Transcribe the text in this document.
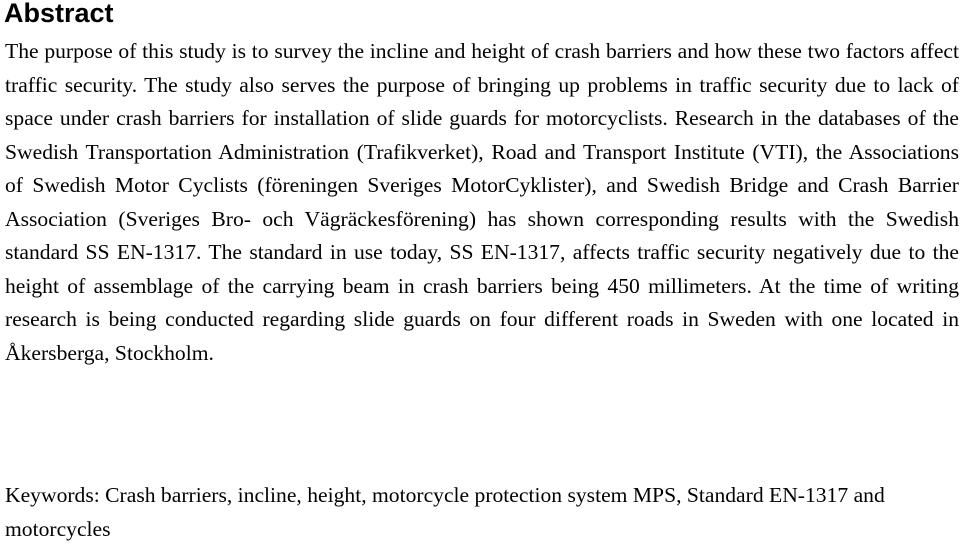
Abstract

The purpose of this study is to survey the incline and height of crash barriers and how these two factors affect traffic security. The study also serves the purpose of bringing up problems in traffic security due to lack of space under crash barriers for installation of slide guards for motorcyclists. Research in the databases of the Swedish Transportation Administration (Trafikverket), Road and Transport Institute (VTI), the Associations of Swedish Motor Cyclists (föreningen Sveriges MotorCyklister), and Swedish Bridge and Crash Barrier Association (Sveriges Bro- och Vägräckesförening) has shown corresponding results with the Swedish standard SS EN-1317. The standard in use today, SS EN-1317, affects traffic security negatively due to the height of assemblage of the carrying beam in crash barriers being 450 millimeters. At the time of writing research is being conducted regarding slide guards on four different roads in Sweden with one located in Åkersberga, Stockholm.

Keywords: Crash barriers, incline, height, motorcycle protection system MPS, Standard EN-1317 and motorcycles
